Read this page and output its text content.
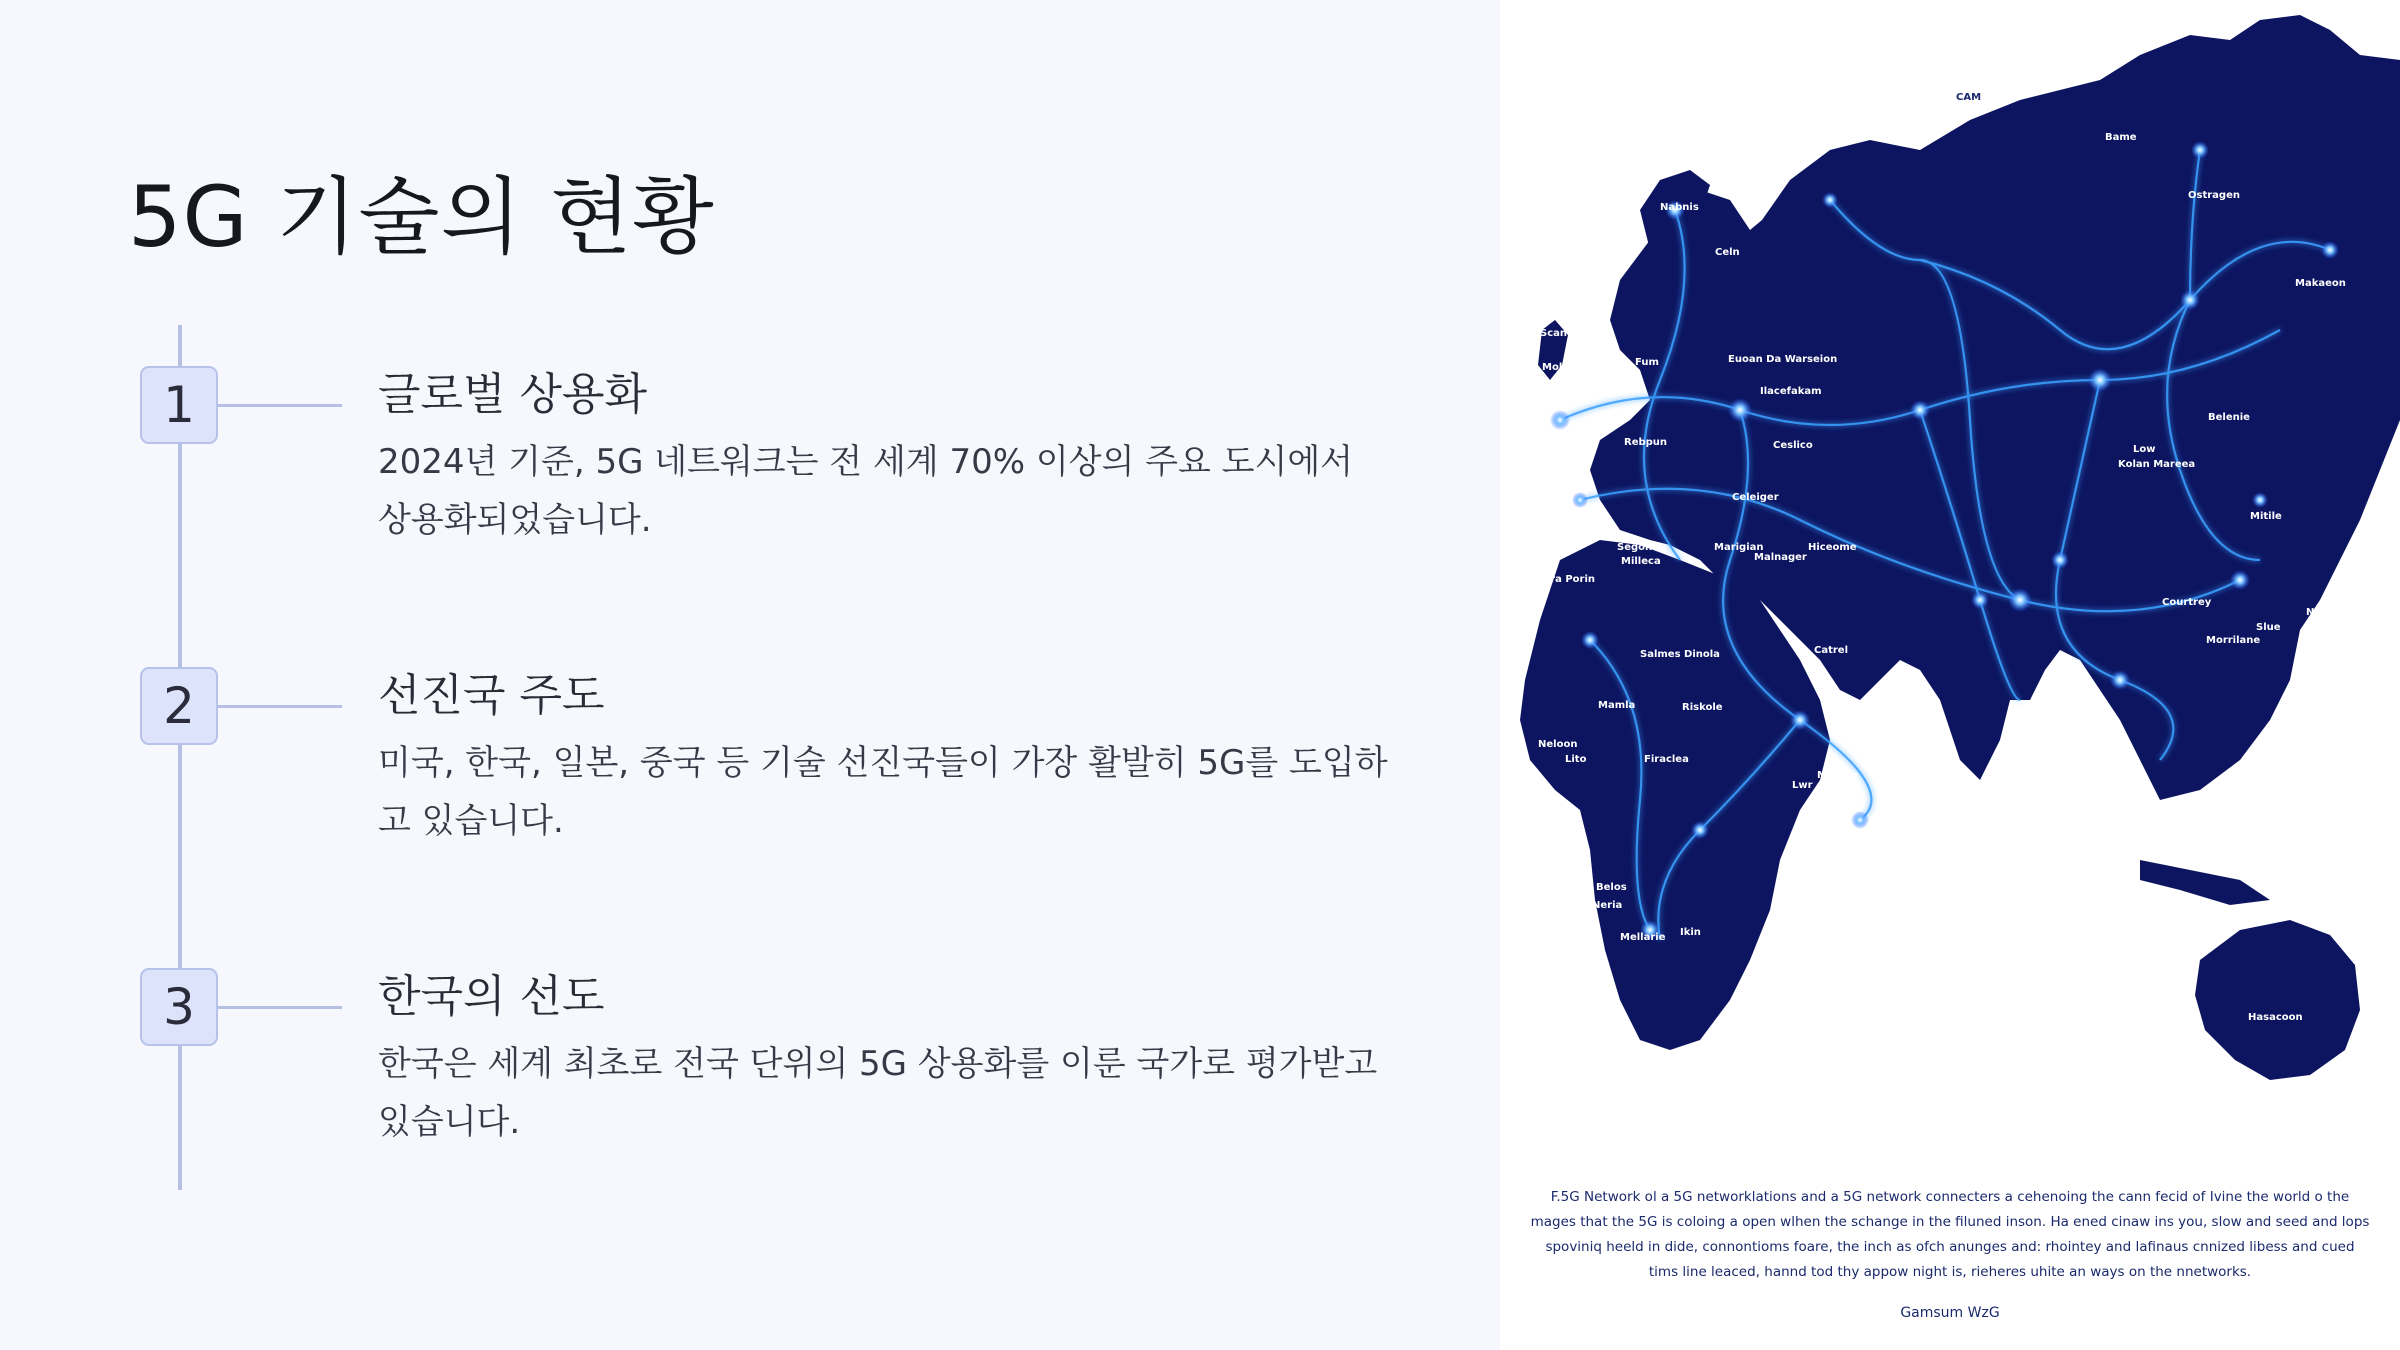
5G 기술의 현황
1	글로벌 상용화
2024년 기준, 5G 네트워크는 전 세계 70% 이상의 주요 도시에서 상용화되었습니다.
2	선진국 주도
미국, 한국, 일본, 중국 등 기술 선진국들이 가장 활발히 5G를 도입하고 있습니다.
3	한국의 선도
한국은 세계 최초로 전국 단위의 5G 상용화를 이룬 국가로 평가받고 있습니다.
CAM
Bame
Ostragen
Makaeon
Nabnis
Celn
Scandinav
Molna	Fum
Eadbain
Euoan Da Warseion
Ilacefakam
Belenie
Cuto	Rebpun	Ceslico	Low
Kolan Mareea
Celeiger
Mitile
Segonon
Milleca
Marigian
Malnager
Hiceome
Nera Porin
Courtrey
Nalbiee
Salmes Dinola	Catrel
Slue
Morrilane
Mamla	Riskole
Slafim
Carion
Neloon
Lito	Firaclea
Lwr
Manlee
Belos
Neria
Mellarie Ikin
Nalie
Hasacoon

F.5G Network ol a 5G networklations and a 5G network connecters a cehenoing the cann fecid of Ivine the world o the mages that the 5G is coloing a open wlhen the schange in the filuned inson. Ha ened cinaw ins you, slow and seed and lops spoviniq heeld in dide, connontioms foare, the inch as ofch anunges and: rhointey and lafinaus cnnized libess and cued tims line leaced, hannd tod thy appow night is, rieheres uhite an ways on the nnetworks.

Gamsum WzG
